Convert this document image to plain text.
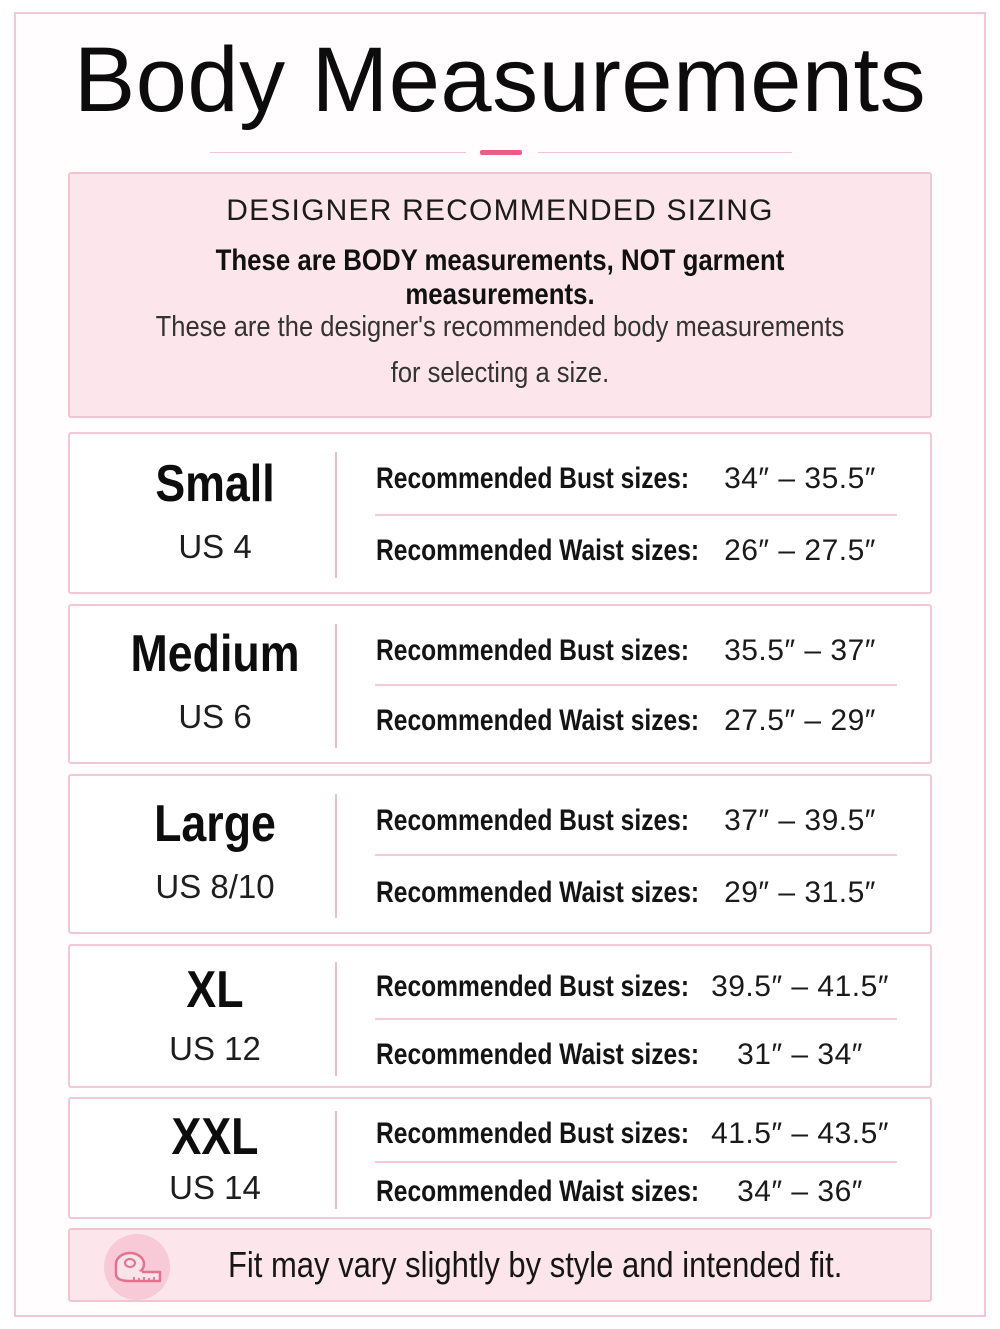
Body Measurements
DESIGNER RECOMMENDED SIZING
These are BODY measurements, NOT garment measurements.
These are the designer's recommended body measurements
for selecting a size.
Small
US 4
Recommended Bust sizes:	34″ – 35.5″
Recommended Waist sizes: 26″ – 27.5″
Medium
US 6
Recommended Bust sizes:	35.5″ – 37″
Recommended Waist sizes: 27.5″ – 29″
Large
US 8/10
Recommended Bust sizes:	37″ – 39.5″
Recommended Waist sizes: 29″ – 31.5″
XL
US 12
Recommended Bust sizes: 39.5″ – 41.5″
Recommended Waist sizes:	31″ – 34″
XXL
US 14
Recommended Bust sizes: 41.5″ – 43.5″
Recommended Waist sizes:	34″ – 36″
Fit may vary slightly by style and intended fit.
